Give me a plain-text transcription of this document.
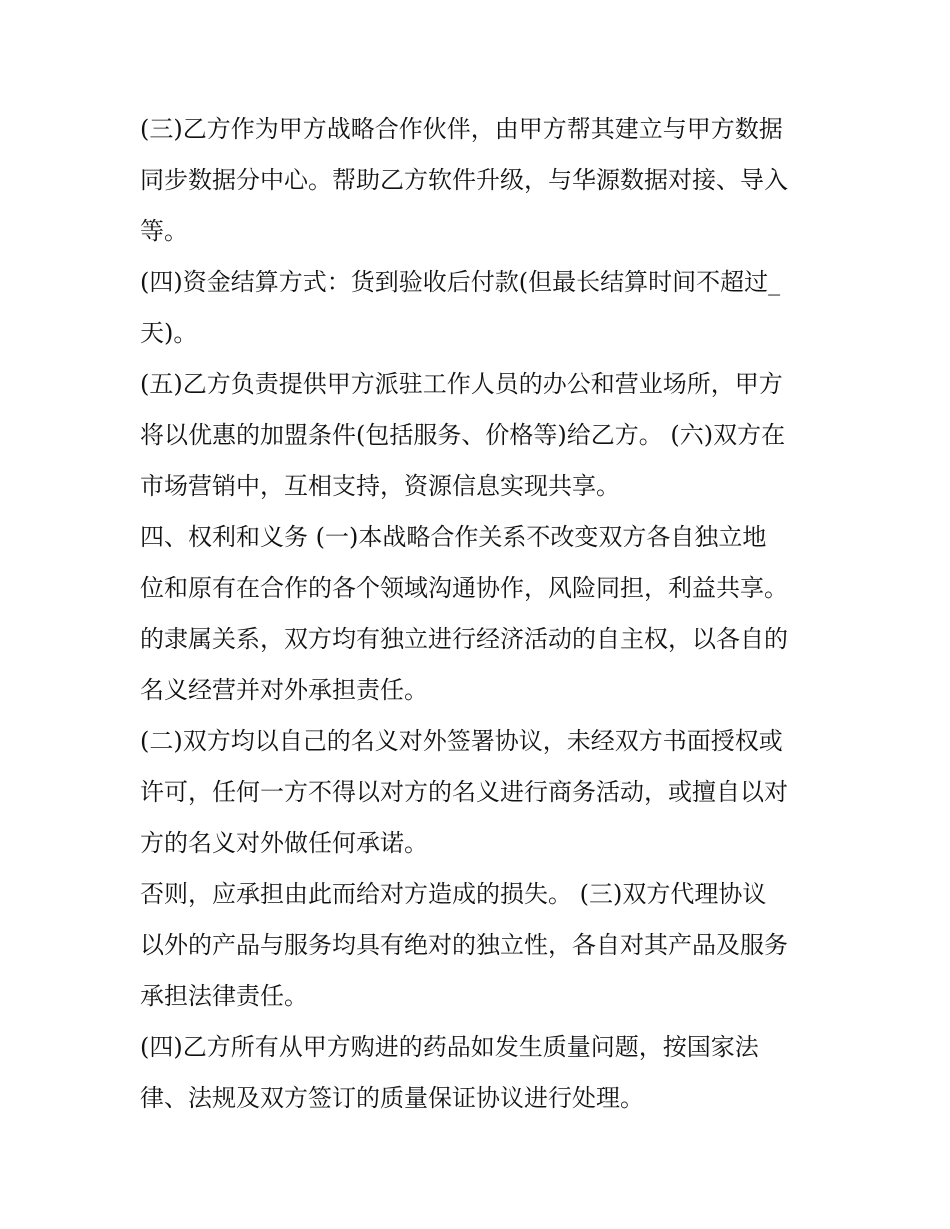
(三)乙方作为甲方战略合作伙伴，由甲方帮其建立与甲方数据
同步数据分中心。帮助乙方软件升级，与华源数据对接、导入
等。
(四)资金结算方式：货到验收后付款(但最长结算时间不超过_
天)。
(五)乙方负责提供甲方派驻工作人员的办公和营业场所，甲方
将以优惠的加盟条件(包括服务、价格等)给乙方。 (六)双方在
市场营销中，互相支持，资源信息实现共享。
四、权利和义务 (一)本战略合作关系不改变双方各自独立地
位和原有在合作的各个领域沟通协作，风险同担，利益共享。
的隶属关系，双方均有独立进行经济活动的自主权，以各自的
名义经营并对外承担责任。
(二)双方均以自己的名义对外签署协议，未经双方书面授权或
许可，任何一方不得以对方的名义进行商务活动，或擅自以对
方的名义对外做任何承诺。
否则，应承担由此而给对方造成的损失。 (三)双方代理协议
以外的产品与服务均具有绝对的独立性，各自对其产品及服务
承担法律责任。
(四)乙方所有从甲方购进的药品如发生质量问题，按国家法
律、法规及双方签订的质量保证协议进行处理。
